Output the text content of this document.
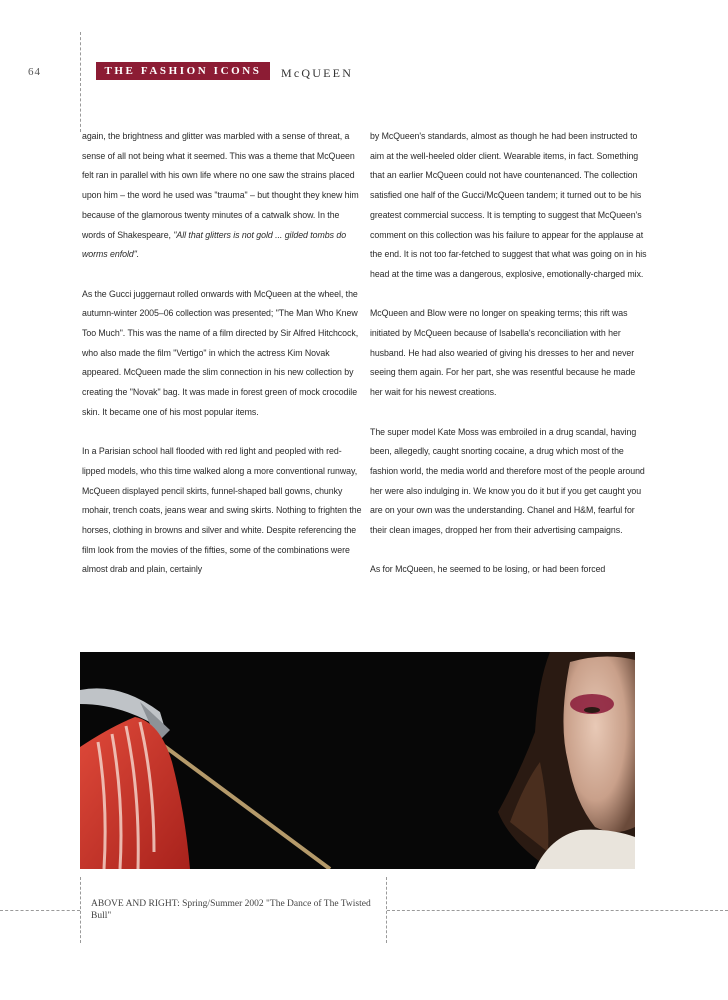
64	THE FASHION ICONS	McQUEEN

again, the brightness and glitter was marbled with a sense of threat, a sense of all not being what it seemed. This was a theme that McQueen felt ran in parallel with his own life where no one saw the strains placed upon him – the word he used was "trauma" – but thought they knew him because of the glamorous twenty minutes of a catwalk show. In the words of Shakespeare, "All that glitters is not gold ... gilded tombs do worms enfold".

As the Gucci juggernaut rolled onwards with McQueen at the wheel, the autumn-winter 2005–06 collection was presented; "The Man Who Knew Too Much". This was the name of a film directed by Sir Alfred Hitchcock, who also made the film "Vertigo" in which the actress Kim Novak appeared. McQueen made the slim connection in his new collection by creating the "Novak" bag. It was made in forest green of mock crocodile skin. It became one of his most popular items.

In a Parisian school hall flooded with red light and peopled with red-lipped models, who this time walked along a more conventional runway, McQueen displayed pencil skirts, funnel-shaped ball gowns, chunky mohair, trench coats, jeans wear and swing skirts. Nothing to frighten the horses, clothing in browns and silver and white. Despite referencing the film look from the movies of the fifties, some of the combinations were almost drab and plain, certainly

by McQueen's standards, almost as though he had been instructed to aim at the well-heeled older client. Wearable items, in fact. Something that an earlier McQueen could not have countenanced. The collection satisfied one half of the Gucci/McQueen tandem; it turned out to be his greatest commercial success. It is tempting to suggest that McQueen's comment on this collection was his failure to appear for the applause at the end. It is not too far-fetched to suggest that what was going on in his head at the time was a dangerous, explosive, emotionally-charged mix.

McQueen and Blow were no longer on speaking terms; this rift was initiated by McQueen because of Isabella's reconciliation with her husband. He had also wearied of giving his dresses to her and never seeing them again. For her part, she was resentful because he made her wait for his newest creations.

The super model Kate Moss was embroiled in a drug scandal, having been, allegedly, caught snorting cocaine, a drug which most of the fashion world, the media world and therefore most of the people around her were also indulging in. We know you do it but if you get caught you are on your own was the understanding. Chanel and H&M, fearful for their clean images, dropped her from their advertising campaigns.

As for McQueen, he seemed to be losing, or had been forced

ABOVE AND RIGHT: Spring/Summer 2002 "The Dance of The Twisted Bull"
